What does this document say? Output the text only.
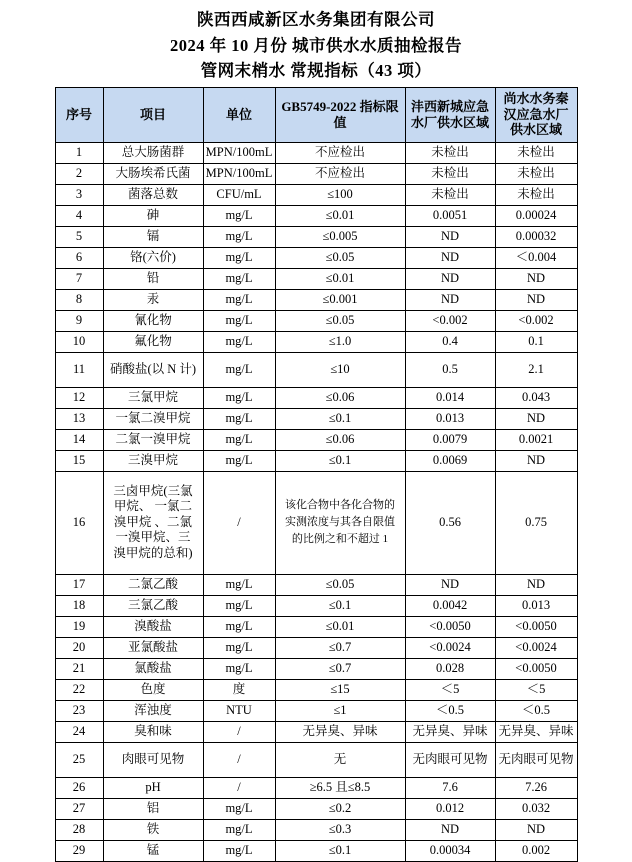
陕西西咸新区水务集团有限公司
2024 年 10 月份 城市供水水质抽检报告
管网末梢水 常规指标（43 项）
序号	项目	单位	GB5749-2022 指标限值	沣西新城应急水厂供水区域	尚水水务秦汉应急水厂供水区域
1	总大肠菌群	MPN/100mL	不应检出	未检出	未检出
2	大肠埃希氏菌	MPN/100mL	不应检出	未检出	未检出
3	菌落总数	CFU/mL	≤100	未检出	未检出
4	砷	mg/L	≤0.01	0.0051	0.00024
5	镉	mg/L	≤0.005	ND	0.00032
6	铬(六价)	mg/L	≤0.05	ND	＜0.004
7	铅	mg/L	≤0.01	ND	ND
8	汞	mg/L	≤0.001	ND	ND
9	氰化物	mg/L	≤0.05	<0.002	<0.002
10	氟化物	mg/L	≤1.0	0.4	0.1
11	硝酸盐(以 N 计)	mg/L	≤10	0.5	2.1
12	三氯甲烷	mg/L	≤0.06	0.014	0.043
13	一氯二溴甲烷	mg/L	≤0.1	0.013	ND
14	二氯一溴甲烷	mg/L	≤0.06	0.0079	0.0021
15	三溴甲烷	mg/L	≤0.1	0.0069	ND
16	三卤甲烷(三氯甲烷、 一氯二溴甲烷 、二氯一溴甲烷、三溴甲烷的总和)	/	该化合物中各化合物的实测浓度与其各自限值的比例之和不超过 1	0.56	0.75
17	二氯乙酸	mg/L	≤0.05	ND	ND
18	三氯乙酸	mg/L	≤0.1	0.0042	0.013
19	溴酸盐	mg/L	≤0.01	<0.0050	<0.0050
20	亚氯酸盐	mg/L	≤0.7	<0.0024	<0.0024
21	氯酸盐	mg/L	≤0.7	0.028	<0.0050
22	色度	度	≤15	＜5	＜5
23	浑浊度	NTU	≤1	＜0.5	＜0.5
24	臭和味	/	无异臭、异味	无异臭、异味	无异臭、异味
25	肉眼可见物	/	无	无肉眼可见物	无肉眼可见物
26	pH	/	≥6.5 且≤8.5	7.6	7.26
27	铝	mg/L	≤0.2	0.012	0.032
28	铁	mg/L	≤0.3	ND	ND
29	锰	mg/L	≤0.1	0.00034	0.002
